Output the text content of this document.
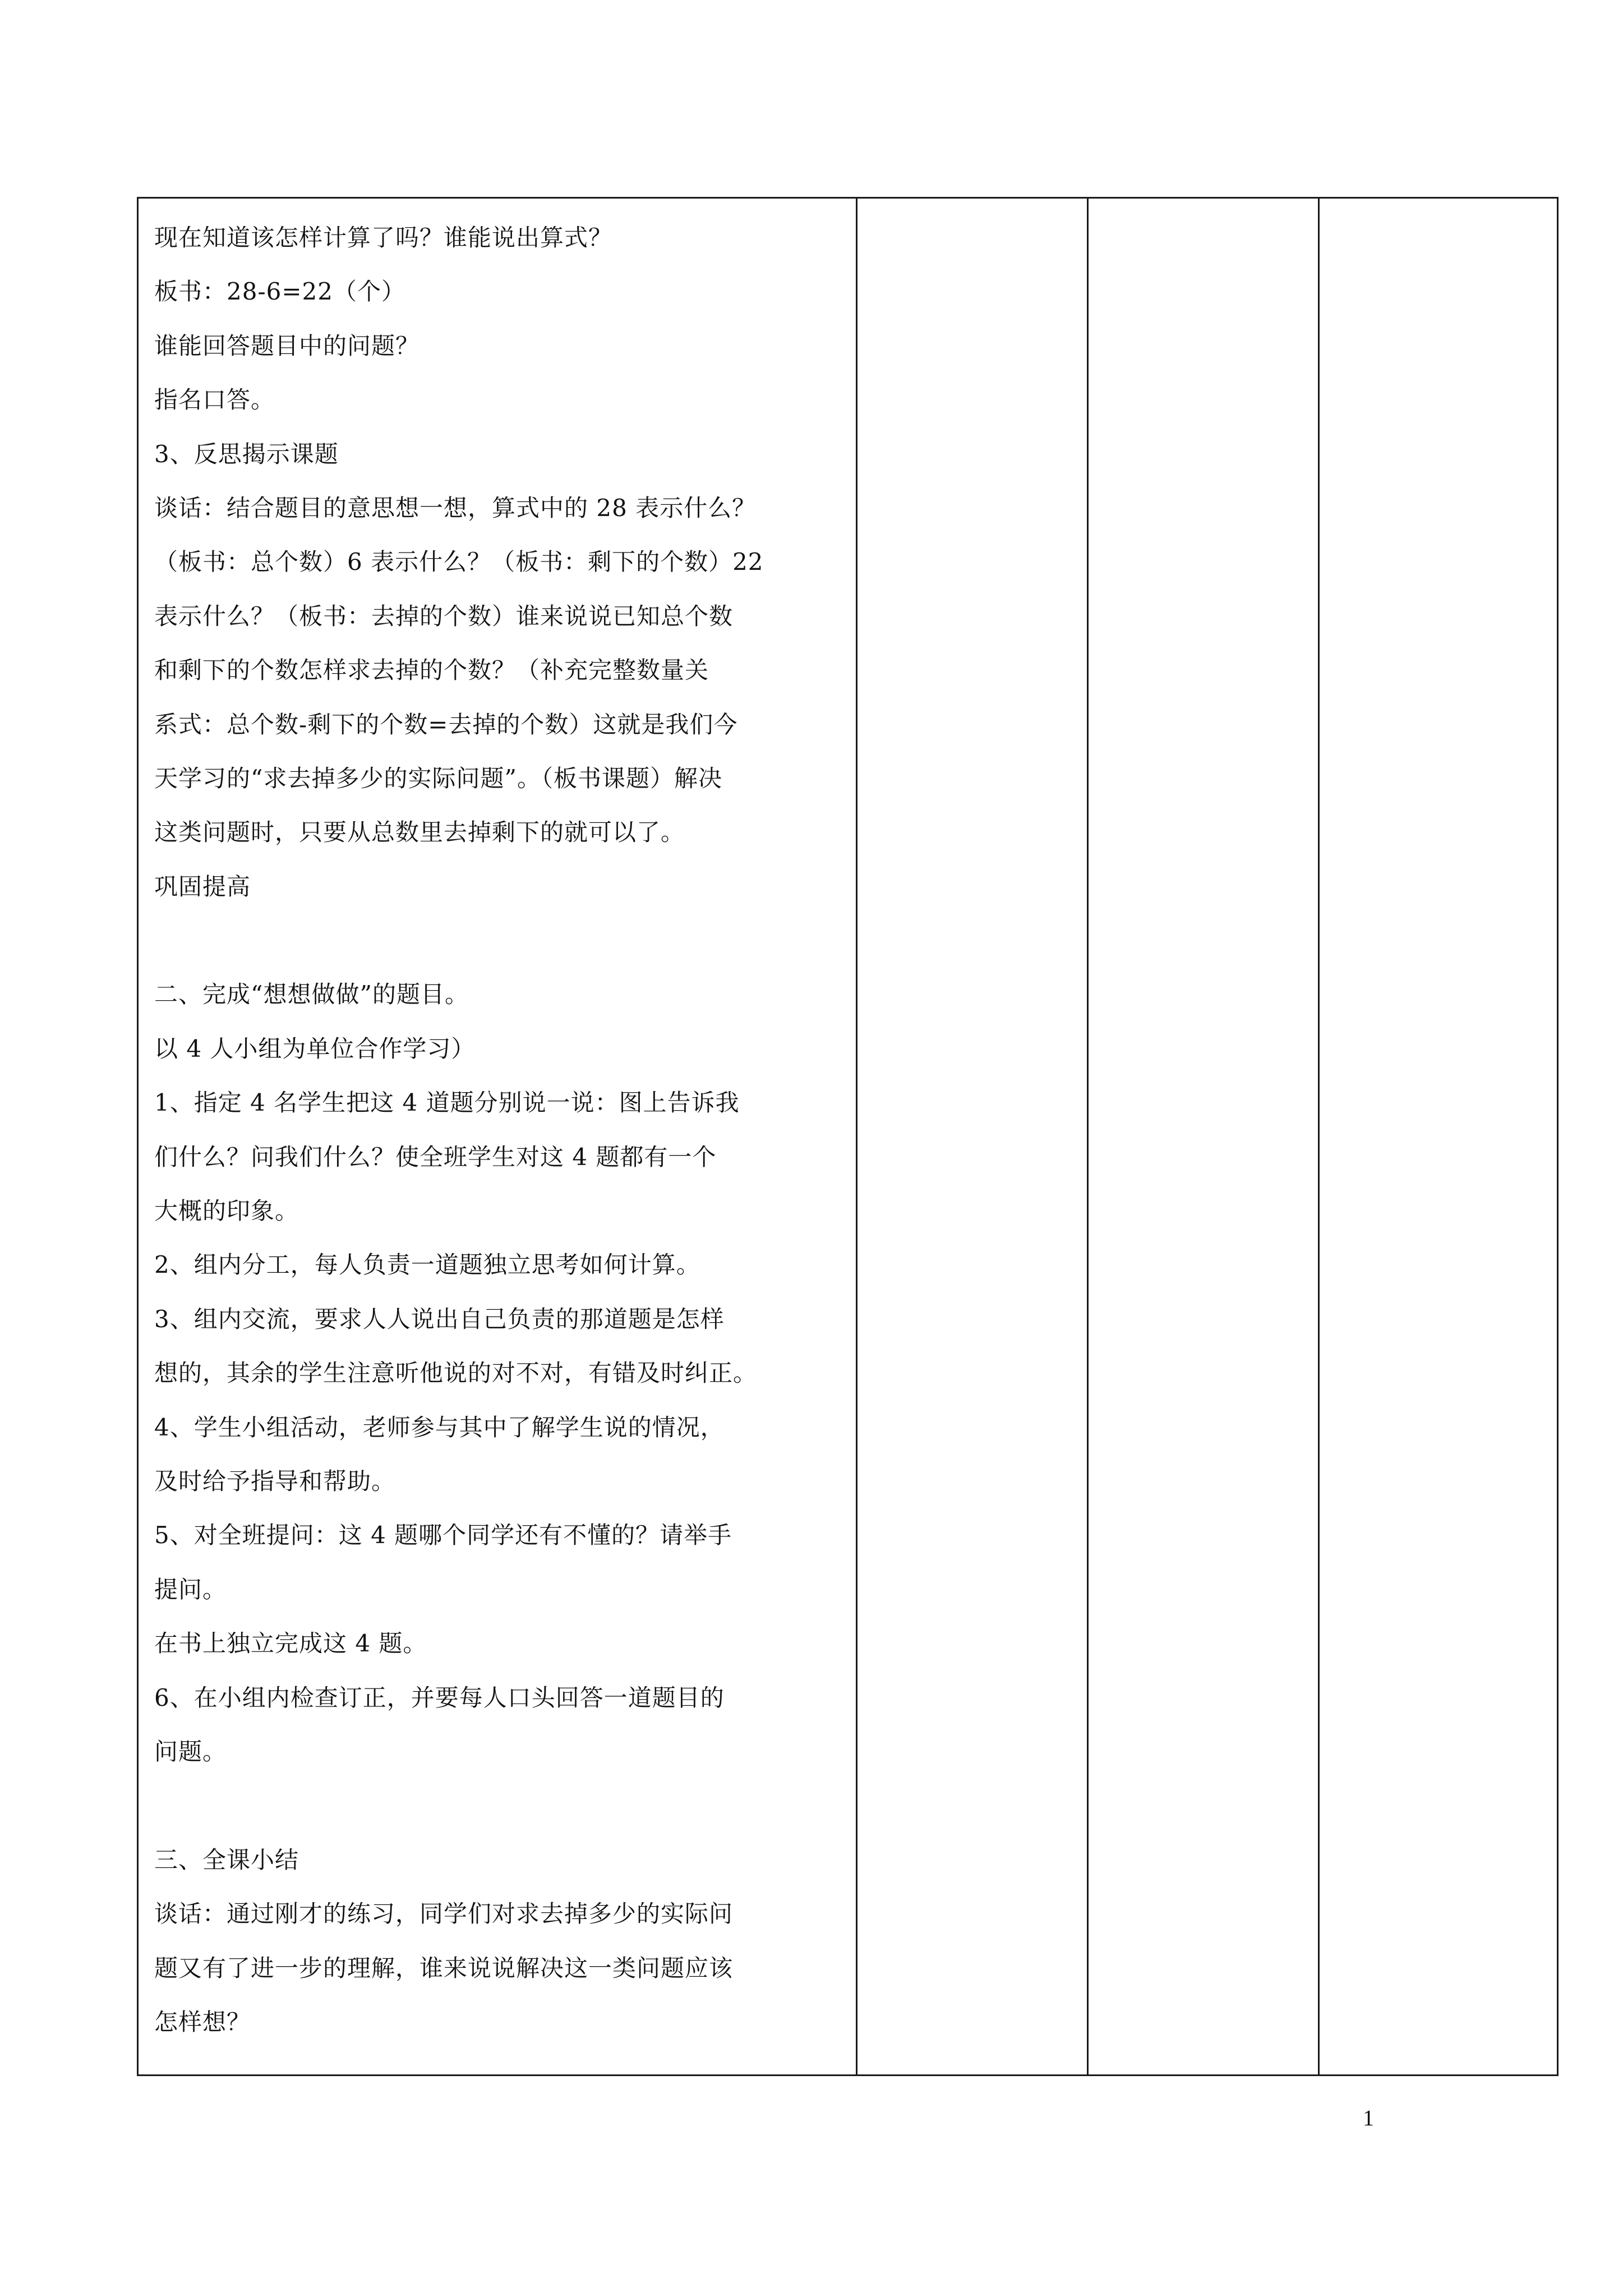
现在知道该怎样计算了吗？谁能说出算式？
板书：28-6=22（个）
谁能回答题目中的问题？
指名口答。
3、反思揭示课题
谈话：结合题目的意思想一想，算式中的 28 表示什么？
（板书：总个数）6 表示什么？（板书：剩下的个数）22
表示什么？（板书：去掉的个数）谁来说说已知总个数
和剩下的个数怎样求去掉的个数？（补充完整数量关
系式：总个数-剩下的个数=去掉的个数）这就是我们今
天学习的“求去掉多少的实际问题”。（板书课题）解决
这类问题时，只要从总数里去掉剩下的就可以了。
巩固提高
二、完成“想想做做”的题目。
以 4 人小组为单位合作学习）
1、指定 4 名学生把这 4 道题分别说一说：图上告诉我
们什么？问我们什么？使全班学生对这 4 题都有一个
大概的印象。
2、组内分工，每人负责一道题独立思考如何计算。
3、组内交流，要求人人说出自己负责的那道题是怎样
想的，其余的学生注意听他说的对不对，有错及时纠正。
4、学生小组活动，老师参与其中了解学生说的情况，
及时给予指导和帮助。
5、对全班提问：这 4 题哪个同学还有不懂的？请举手
提问。
在书上独立完成这 4 题。
6、在小组内检查订正，并要每人口头回答一道题目的
问题。
三、全课小结
谈话：通过刚才的练习，同学们对求去掉多少的实际问
题又有了进一步的理解，谁来说说解决这一类问题应该
怎样想？

1
